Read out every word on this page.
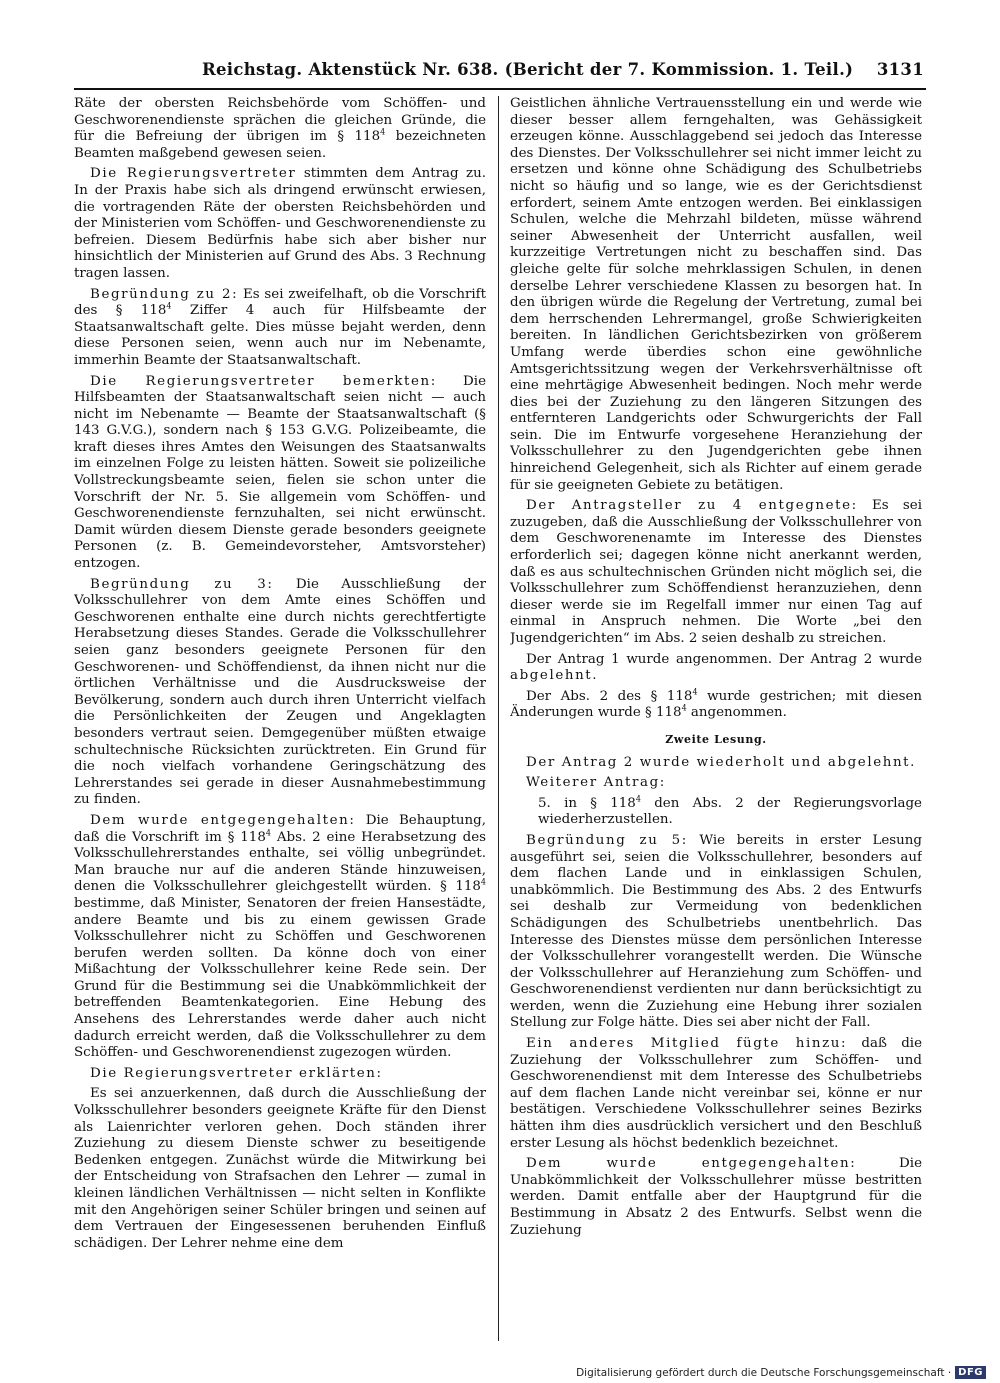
Reichstag. Aktenstück Nr. 638. (Bericht der 7. Kommission. 1. Teil.) 3131

Räte der obersten Reichsbehörde vom Schöffen- und Geschworenendienste sprächen die gleichen Gründe, die für die Befreiung der übrigen im § $118^4$ bezeichneten Beamten maßgebend gewesen seien.

Die Regierungsvertreter stimmten dem Antrag zu. In der Praxis habe sich als dringend erwünscht erwiesen, die vortragenden Räte der obersten Reichsbehörden und der Ministerien vom Schöffen- und Geschworenendienste zu befreien. Diesem Bedürfnis habe sich aber bisher nur hinsichtlich der Ministerien auf Grund des Abs. 3 Rechnung tragen lassen.

Begründung zu 2: Es sei zweifelhaft, ob die Vorschrift des § $118^4$ Ziffer 4 auch für Hilfsbeamte der Staatsanwaltschaft gelte. Dies müsse bejaht werden, denn diese Personen seien, wenn auch nur im Nebenamte, immerhin Beamte der Staatsanwaltschaft.

Die Regierungsvertreter bemerkten: Die Hilfsbeamten der Staatsanwaltschaft seien nicht — auch nicht im Nebenamte — Beamte der Staatsanwaltschaft (§ 143 G.V.G.), sondern nach § 153 G.V.G. Polizeibeamte, die kraft dieses ihres Amtes den Weisungen des Staatsanwalts im einzelnen Folge zu leisten hätten. Soweit sie polizeiliche Vollstreckungsbeamte seien, fielen sie schon unter die Vorschrift der Nr. 5. Sie allgemein vom Schöffen- und Geschworenendienste fernzuhalten, sei nicht erwünscht. Damit würden diesem Dienste gerade besonders geeignete Personen (z. B. Gemeindevorsteher, Amtsvorsteher) entzogen.

Begründung zu 3: Die Ausschließung der Volksschullehrer von dem Amte eines Schöffen und Geschworenen enthalte eine durch nichts gerechtfertigte Herabsetzung dieses Standes. Gerade die Volksschullehrer seien ganz besonders geeignete Personen für den Geschworenen- und Schöffendienst, da ihnen nicht nur die örtlichen Verhältnisse und die Ausdrucksweise der Bevölkerung, sondern auch durch ihren Unterricht vielfach die Persönlichkeiten der Zeugen und Angeklagten besonders vertraut seien. Demgegenüber müßten etwaige schultechnische Rücksichten zurücktreten. Ein Grund für die noch vielfach vorhandene Geringschätzung des Lehrerstandes sei gerade in dieser Ausnahmebestimmung zu finden.

Dem wurde entgegengehalten: Die Behauptung, daß die Vorschrift im § $118^4$ Abs. 2 eine Herabsetzung des Volksschullehrerstandes enthalte, sei völlig unbegründet. Man brauche nur auf die anderen Stände hinzuweisen, denen die Volksschullehrer gleichgestellt würden. § $118^4$ bestimme, daß Minister, Senatoren der freien Hansestädte, andere Beamte und bis zu einem gewissen Grade Volksschullehrer nicht zu Schöffen und Geschworenen berufen werden sollten. Da könne doch von einer Mißachtung der Volksschullehrer keine Rede sein. Der Grund für die Bestimmung sei die Unabkömmlichkeit der betreffenden Beamtenkategorien. Eine Hebung des Ansehens des Lehrerstandes werde daher auch nicht dadurch erreicht werden, daß die Volksschullehrer zu dem Schöffen- und Geschworenendienst zugezogen würden.

Die Regierungsvertreter erklärten:

Es sei anzuerkennen, daß durch die Ausschließung der Volksschullehrer besonders geeignete Kräfte für den Dienst als Laienrichter verloren gehen. Doch ständen ihrer Zuziehung zu diesem Dienste schwer zu beseitigende Bedenken entgegen. Zunächst würde die Mitwirkung bei der Entscheidung von Strafsachen den Lehrer — zumal in kleinen ländlichen Verhältnissen — nicht selten in Konflikte mit den Angehörigen seiner Schüler bringen und seinen auf dem Vertrauen der Eingesessenen beruhenden Einfluß schädigen. Der Lehrer nehme eine dem

Geistlichen ähnliche Vertrauensstellung ein und werde wie dieser besser allem ferngehalten, was Gehässigkeit erzeugen könne. Ausschlaggebend sei jedoch das Interesse des Dienstes. Der Volksschullehrer sei nicht immer leicht zu ersetzen und könne ohne Schädigung des Schulbetriebs nicht so häufig und so lange, wie es der Gerichtsdienst erfordert, seinem Amte entzogen werden. Bei einklassigen Schulen, welche die Mehrzahl bildeten, müsse während seiner Abwesenheit der Unterricht ausfallen, weil kurzzeitige Vertretungen nicht zu beschaffen sind. Das gleiche gelte für solche mehrklassigen Schulen, in denen derselbe Lehrer verschiedene Klassen zu besorgen hat. In den übrigen würde die Regelung der Vertretung, zumal bei dem herrschenden Lehrermangel, große Schwierigkeiten bereiten. In ländlichen Gerichtsbezirken von größerem Umfang werde überdies schon eine gewöhnliche Amtsgerichtssitzung wegen der Verkehrsverhältnisse oft eine mehrtägige Abwesenheit bedingen. Noch mehr werde dies bei der Zuziehung zu den längeren Sitzungen des entfernteren Landgerichts oder Schwurgerichts der Fall sein. Die im Entwurfe vorgesehene Heranziehung der Volksschullehrer zu den Jugendgerichten gebe ihnen hinreichend Gelegenheit, sich als Richter auf einem gerade für sie geeigneten Gebiete zu betätigen.

Der Antragsteller zu 4 entgegnete: Es sei zuzugeben, daß die Ausschließung der Volksschullehrer von dem Geschworenenamte im Interesse des Dienstes erforderlich sei; dagegen könne nicht anerkannt werden, daß es aus schultechnischen Gründen nicht möglich sei, die Volksschullehrer zum Schöffendienst heranzuziehen, denn dieser werde sie im Regelfall immer nur einen Tag auf einmal in Anspruch nehmen. Die Worte „bei den Jugendgerichten“ im Abs. 2 seien deshalb zu streichen.

Der Antrag 1 wurde angenommen. Der Antrag 2 wurde abgelehnt.

Der Abs. 2 des § $118^4$ wurde gestrichen; mit diesen Änderungen wurde § $118^4$ angenommen.

Zweite Lesung.

Der Antrag 2 wurde wiederholt und abgelehnt.

Weiterer Antrag:

5. in § $118^4$ den Abs. 2 der Regierungsvorlage wiederherzustellen.

Begründung zu 5: Wie bereits in erster Lesung ausgeführt sei, seien die Volksschullehrer, besonders auf dem flachen Lande und in einklassigen Schulen, unabkömmlich. Die Bestimmung des Abs. 2 des Entwurfs sei deshalb zur Vermeidung von bedenklichen Schädigungen des Schulbetriebs unentbehrlich. Das Interesse des Dienstes müsse dem persönlichen Interesse der Volksschullehrer vorangestellt werden. Die Wünsche der Volksschullehrer auf Heranziehung zum Schöffen- und Geschworenendienst verdienten nur dann berücksichtigt zu werden, wenn die Zuziehung eine Hebung ihrer sozialen Stellung zur Folge hätte. Dies sei aber nicht der Fall.

Ein anderes Mitglied fügte hinzu: daß die Zuziehung der Volksschullehrer zum Schöffen- und Geschworenendienst mit dem Interesse des Schulbetriebs auf dem flachen Lande nicht vereinbar sei, könne er nur bestätigen. Verschiedene Volksschullehrer seines Bezirks hätten ihm dies ausdrücklich versichert und den Beschluß erster Lesung als höchst bedenklich bezeichnet.

Dem wurde entgegengehalten: Die Unabkömmlichkeit der Volksschullehrer müsse bestritten werden. Damit entfalle aber der Hauptgrund für die Bestimmung in Absatz 2 des Entwurfs. Selbst wenn die Zuziehung

Digitalisierung gefördert durch die Deutsche Forschungsgemeinschaft · DFG
